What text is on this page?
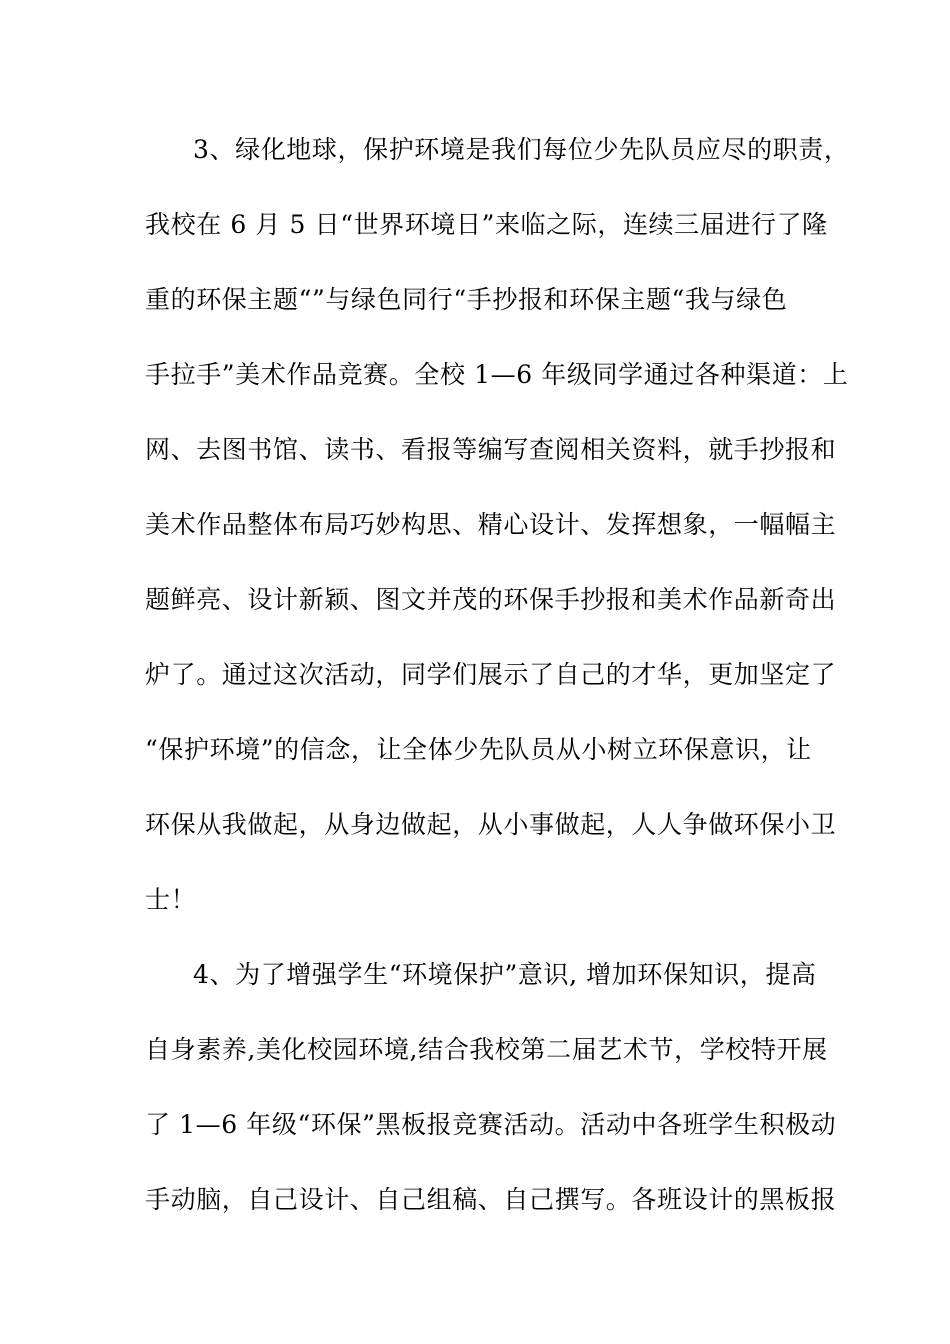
3、绿化地球，保护环境是我们每位少先队员应尽的职责，
我校在 6 月 5 日“世界环境日”来临之际，连续三届进行了隆
重的环保主题“”与绿色同行“手抄报和环保主题“我与绿色
手拉手”美术作品竞赛。全校 1—6 年级同学通过各种渠道：上
网、去图书馆、读书、看报等编写查阅相关资料，就手抄报和
美术作品整体布局巧妙构思、精心设计、发挥想象，一幅幅主
题鲜亮、设计新颖、图文并茂的环保手抄报和美术作品新奇出
炉了。通过这次活动，同学们展示了自己的才华，更加坚定了
“保护环境”的信念，让全体少先队员从小树立环保意识，让
环保从我做起，从身边做起，从小事做起，人人争做环保小卫
士！
4、为了增强学生“环境保护”意识, 增加环保知识，提高
自身素养,美化校园环境,结合我校第二届艺术节，学校特开展
了 1—6 年级“环保”黑板报竞赛活动。活动中各班学生积极动
手动脑，自己设计、自己组稿、自己撰写。各班设计的黑板报
